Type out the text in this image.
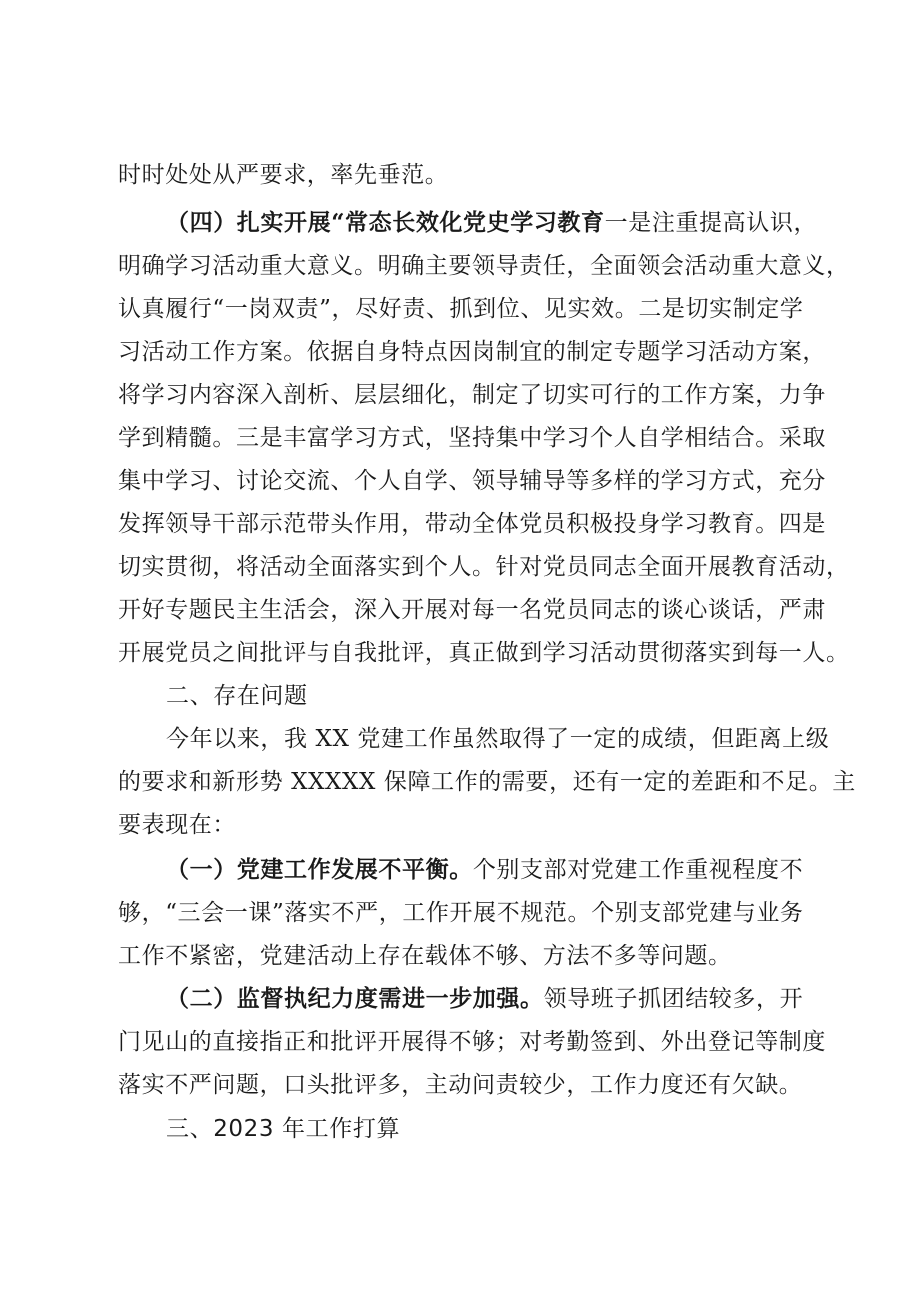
时时处处从严要求，率先垂范。
（四）扎实开展“常态长效化党史学习教育一是注重提高认识，
明确学习活动重大意义。明确主要领导责任，全面领会活动重大意义，
认真履行“一岗双责”，尽好责、抓到位、见实效。二是切实制定学
习活动工作方案。依据自身特点因岗制宜的制定专题学习活动方案，
将学习内容深入剖析、层层细化，制定了切实可行的工作方案，力争
学到精髓。三是丰富学习方式，坚持集中学习个人自学相结合。采取
集中学习、讨论交流、个人自学、领导辅导等多样的学习方式，充分
发挥领导干部示范带头作用，带动全体党员积极投身学习教育。四是
切实贯彻，将活动全面落实到个人。针对党员同志全面开展教育活动，
开好专题民主生活会，深入开展对每一名党员同志的谈心谈话，严肃
开展党员之间批评与自我批评，真正做到学习活动贯彻落实到每一人。
二、存在问题
今年以来，我 XX 党建工作虽然取得了一定的成绩，但距离上级
的要求和新形势 XXXXX 保障工作的需要，还有一定的差距和不足。主
要表现在：
（一）党建工作发展不平衡。个别支部对党建工作重视程度不
够，“三会一课”落实不严，工作开展不规范。个别支部党建与业务
工作不紧密，党建活动上存在载体不够、方法不多等问题。
（二）监督执纪力度需进一步加强。领导班子抓团结较多，开
门见山的直接指正和批评开展得不够；对考勤签到、外出登记等制度
落实不严问题，口头批评多，主动问责较少，工作力度还有欠缺。
三、2023 年工作打算
